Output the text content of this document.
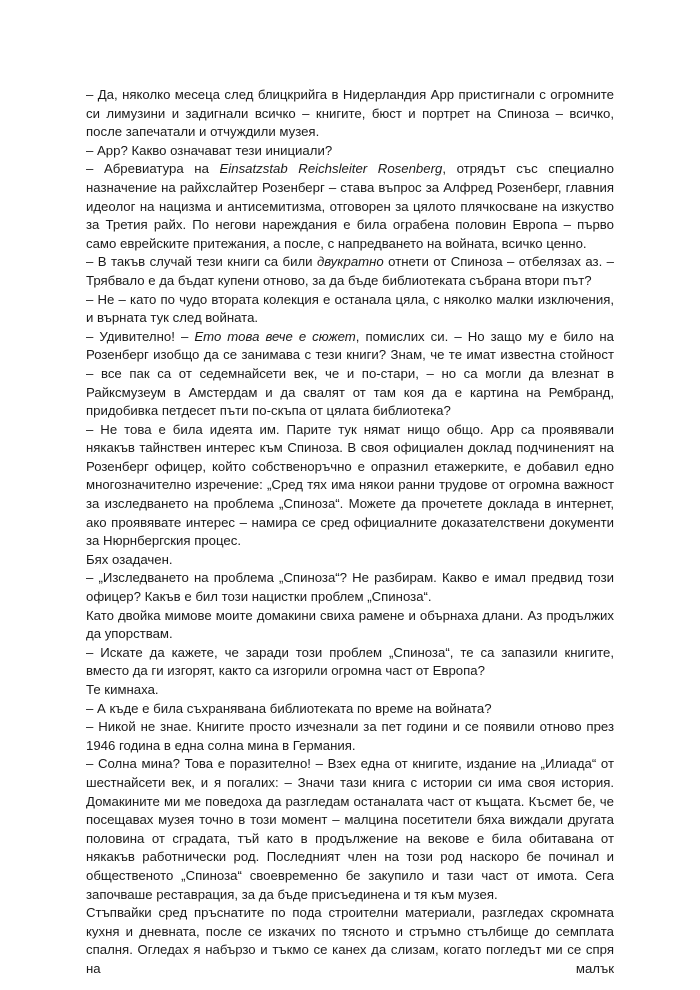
– Да, няколко месеца след блицкрийга в Нидерландия Арр пристигнали с огромните си лимузини и задигнали всичко – книгите, бюст и портрет на Спиноза – всичко, после запечатали и отчуждили музея.

– Арр? Какво означават тези инициали?

– Абревиатура на Einsatzstab Reichsleiter Rosenberg, отрядът със специално назначение на райхслайтер Розенберг – става въпрос за Алфред Розенберг, главния идеолог на нацизма и антисемитизма, отговорен за цялото плячкосване на изкуство за Третия райх. По негови нареждания е била ограбена половин Европа – първо само еврейските притежания, а после, с напредването на войната, всичко ценно.

– В такъв случай тези книги са били двукратно отнети от Спиноза – отбелязах аз. – Трябвало е да бъдат купени отново, за да бъде библиотеката събрана втори път?

– Не – като по чудо втората колекция е останала цяла, с няколко малки изключения, и върната тук след войната.

– Удивително! – Ето това вече е сюжет, помислих си. – Но защо му е било на Розенберг изобщо да се занимава с тези книги? Знам, че те имат известна стойност – все пак са от седемнайсети век, че и по-стари, – но са могли да влезнат в Райксмузеум в Амстердам и да свалят от там коя да е картина на Рембранд, придобивка петдесет пъти по-скъпа от цялата библиотека?

– Не това е била идеята им. Парите тук нямат нищо общо. Арр са проявявали някакъв тайнствен интерес към Спиноза. В своя официален доклад подчиненият на Розенберг офицер, който собственоръчно е опразнил етажерките, е добавил едно многозначително изречение: „Сред тях има някои ранни трудове от огромна важност за изследването на проблема „Спиноза“. Можете да прочетете доклада в интернет, ако проявявате интерес – намира се сред официалните доказателствени документи за Нюрнбергския процес.

Бях озадачен.

– „Изследването на проблема „Спиноза“? Не разбирам. Какво е имал предвид този офицер? Какъв е бил този нацистки проблем „Спиноза“.

Като двойка мимове моите домакини свиха рамене и обърнаха длани. Аз продължих да упорствам.

– Искате да кажете, че заради този проблем „Спиноза“, те са запазили книгите, вместо да ги изгорят, както са изгорили огромна част от Европа?

Те кимнаха.

– А къде е била съхранявана библиотеката по време на войната?

– Никой не знае. Книгите просто изчезнали за пет години и се появили отново през 1946 година в една солна мина в Германия.

– Солна мина? Това е поразително! – Взех една от книгите, издание на „Илиада“ от шестнайсети век, и я погалих: – Значи тази книга с истории си има своя история. Домакините ми ме поведоха да разгледам останалата част от къщата. Късмет бе, че посещавах музея точно в този момент – малцина посетители бяха виждали другата половина от сградата, тъй като в продължение на векове е била обитавана от някакъв работнически род. Последният член на този род наскоро бе починал и общественото „Спиноза“ своевременно бе закупило и тази част от имота. Сега започваше реставрация, за да бъде присъединена и тя към музея.

Стъпвайки сред пръснатите по пода строителни материали, разгледах скромната кухня и дневната, после се изкачих по тясното и стръмно стълбище до семплата спалня. Огледах я набързо и тъкмо се канех да слизам, когато погледът ми се спря на малък
